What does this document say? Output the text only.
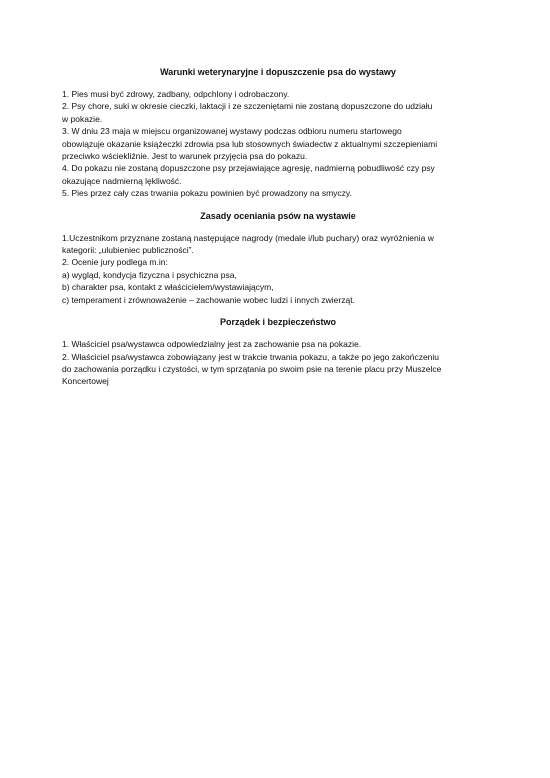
Warunki weterynaryjne i dopuszczenie psa do wystawy
1. Pies musi być zdrowy, zadbany, odpchlony i odrobaczony.
2. Psy chore, suki w okresie cieczki, laktacji i ze szczeniętami nie zostaną dopuszczone do udziału
w pokazie.
3. W dniu 23 maja w miejscu organizowanej wystawy podczas odbioru numeru startowego
obowiązuje okazanie książeczki zdrowia psa lub stosownych świadectw z aktualnymi szczepieniami
przeciwko wściekliźnie. Jest to warunek przyjęcia psa do pokazu.
4. Do pokazu nie zostaną dopuszczone psy przejawiające agresję, nadmierną pobudliwość czy psy
okazujące nadmierną lękliwość.
5. Pies przez cały czas trwania pokazu powinien być prowadzony na smyczy.
Zasady oceniania psów na wystawie
1.Uczestnikom przyznane zostaną następujące nagrody (medale i/lub puchary) oraz wyróżnienia w
kategorii: „ulubieniec publiczności”.
2. Ocenie jury podlega m.in:
a) wygląd, kondycja fizyczna i psychiczna psa,
b) charakter psa, kontakt z właścicielem/wystawiającym,
c) temperament i zrównoważenie – zachowanie wobec ludzi i innych zwierząt.
Porządek i bezpieczeństwo
1. Właściciel psa/wystawca odpowiedzialny jest za zachowanie psa na pokazie.
2. Właściciel psa/wystawca zobowiązany jest w trakcie trwania pokazu, a także po jego zakończeniu
do zachowania porządku i czystości, w tym sprzątania po swoim psie na terenie placu przy Muszelce
Koncertowej
